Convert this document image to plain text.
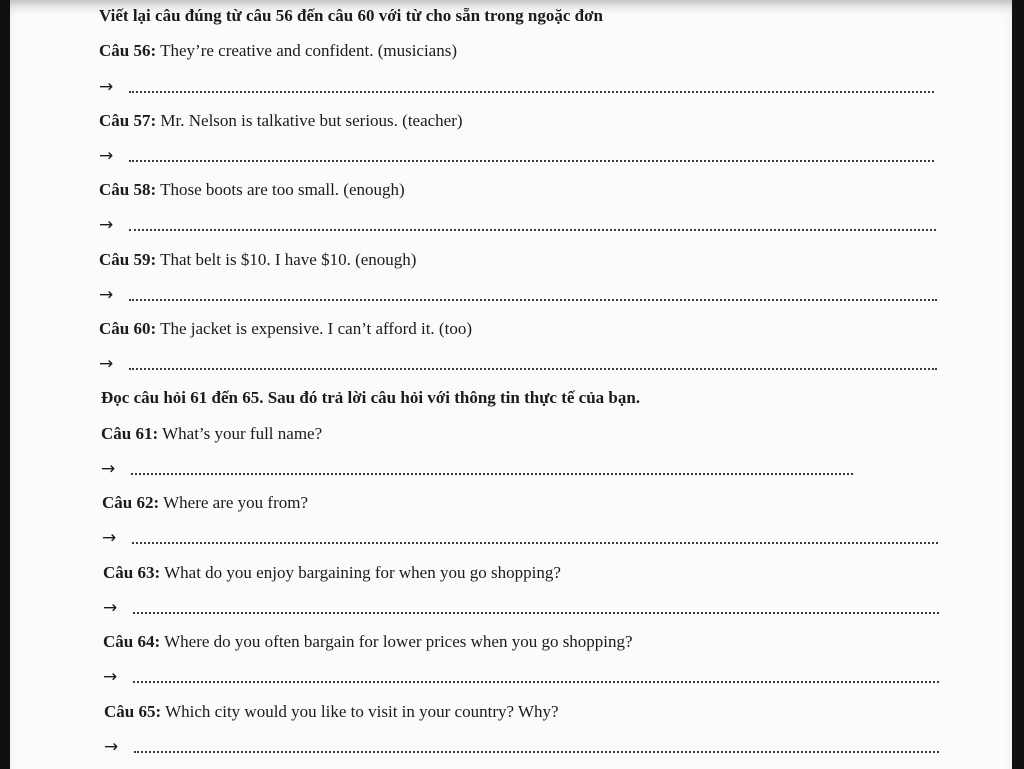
Viết lại câu đúng từ câu 56 đến câu 60 với từ cho sẵn trong ngoặc đơn
Câu 56: They’re creative and confident. (musicians)
→
Câu 57: Mr. Nelson is talkative but serious. (teacher)
→
Câu 58: Those boots are too small. (enough)
→
Câu 59: That belt is $10. I have $10. (enough)
→
Câu 60: The jacket is expensive. I can’t afford it. (too)
→
Đọc câu hỏi 61 đến 65. Sau đó trả lời câu hỏi với thông tin thực tế của bạn.
Câu 61: What’s your full name?
→
Câu 62: Where are you from?
→
Câu 63: What do you enjoy bargaining for when you go shopping?
→
Câu 64: Where do you often bargain for lower prices when you go shopping?
→
Câu 65: Which city would you like to visit in your country? Why?
→
